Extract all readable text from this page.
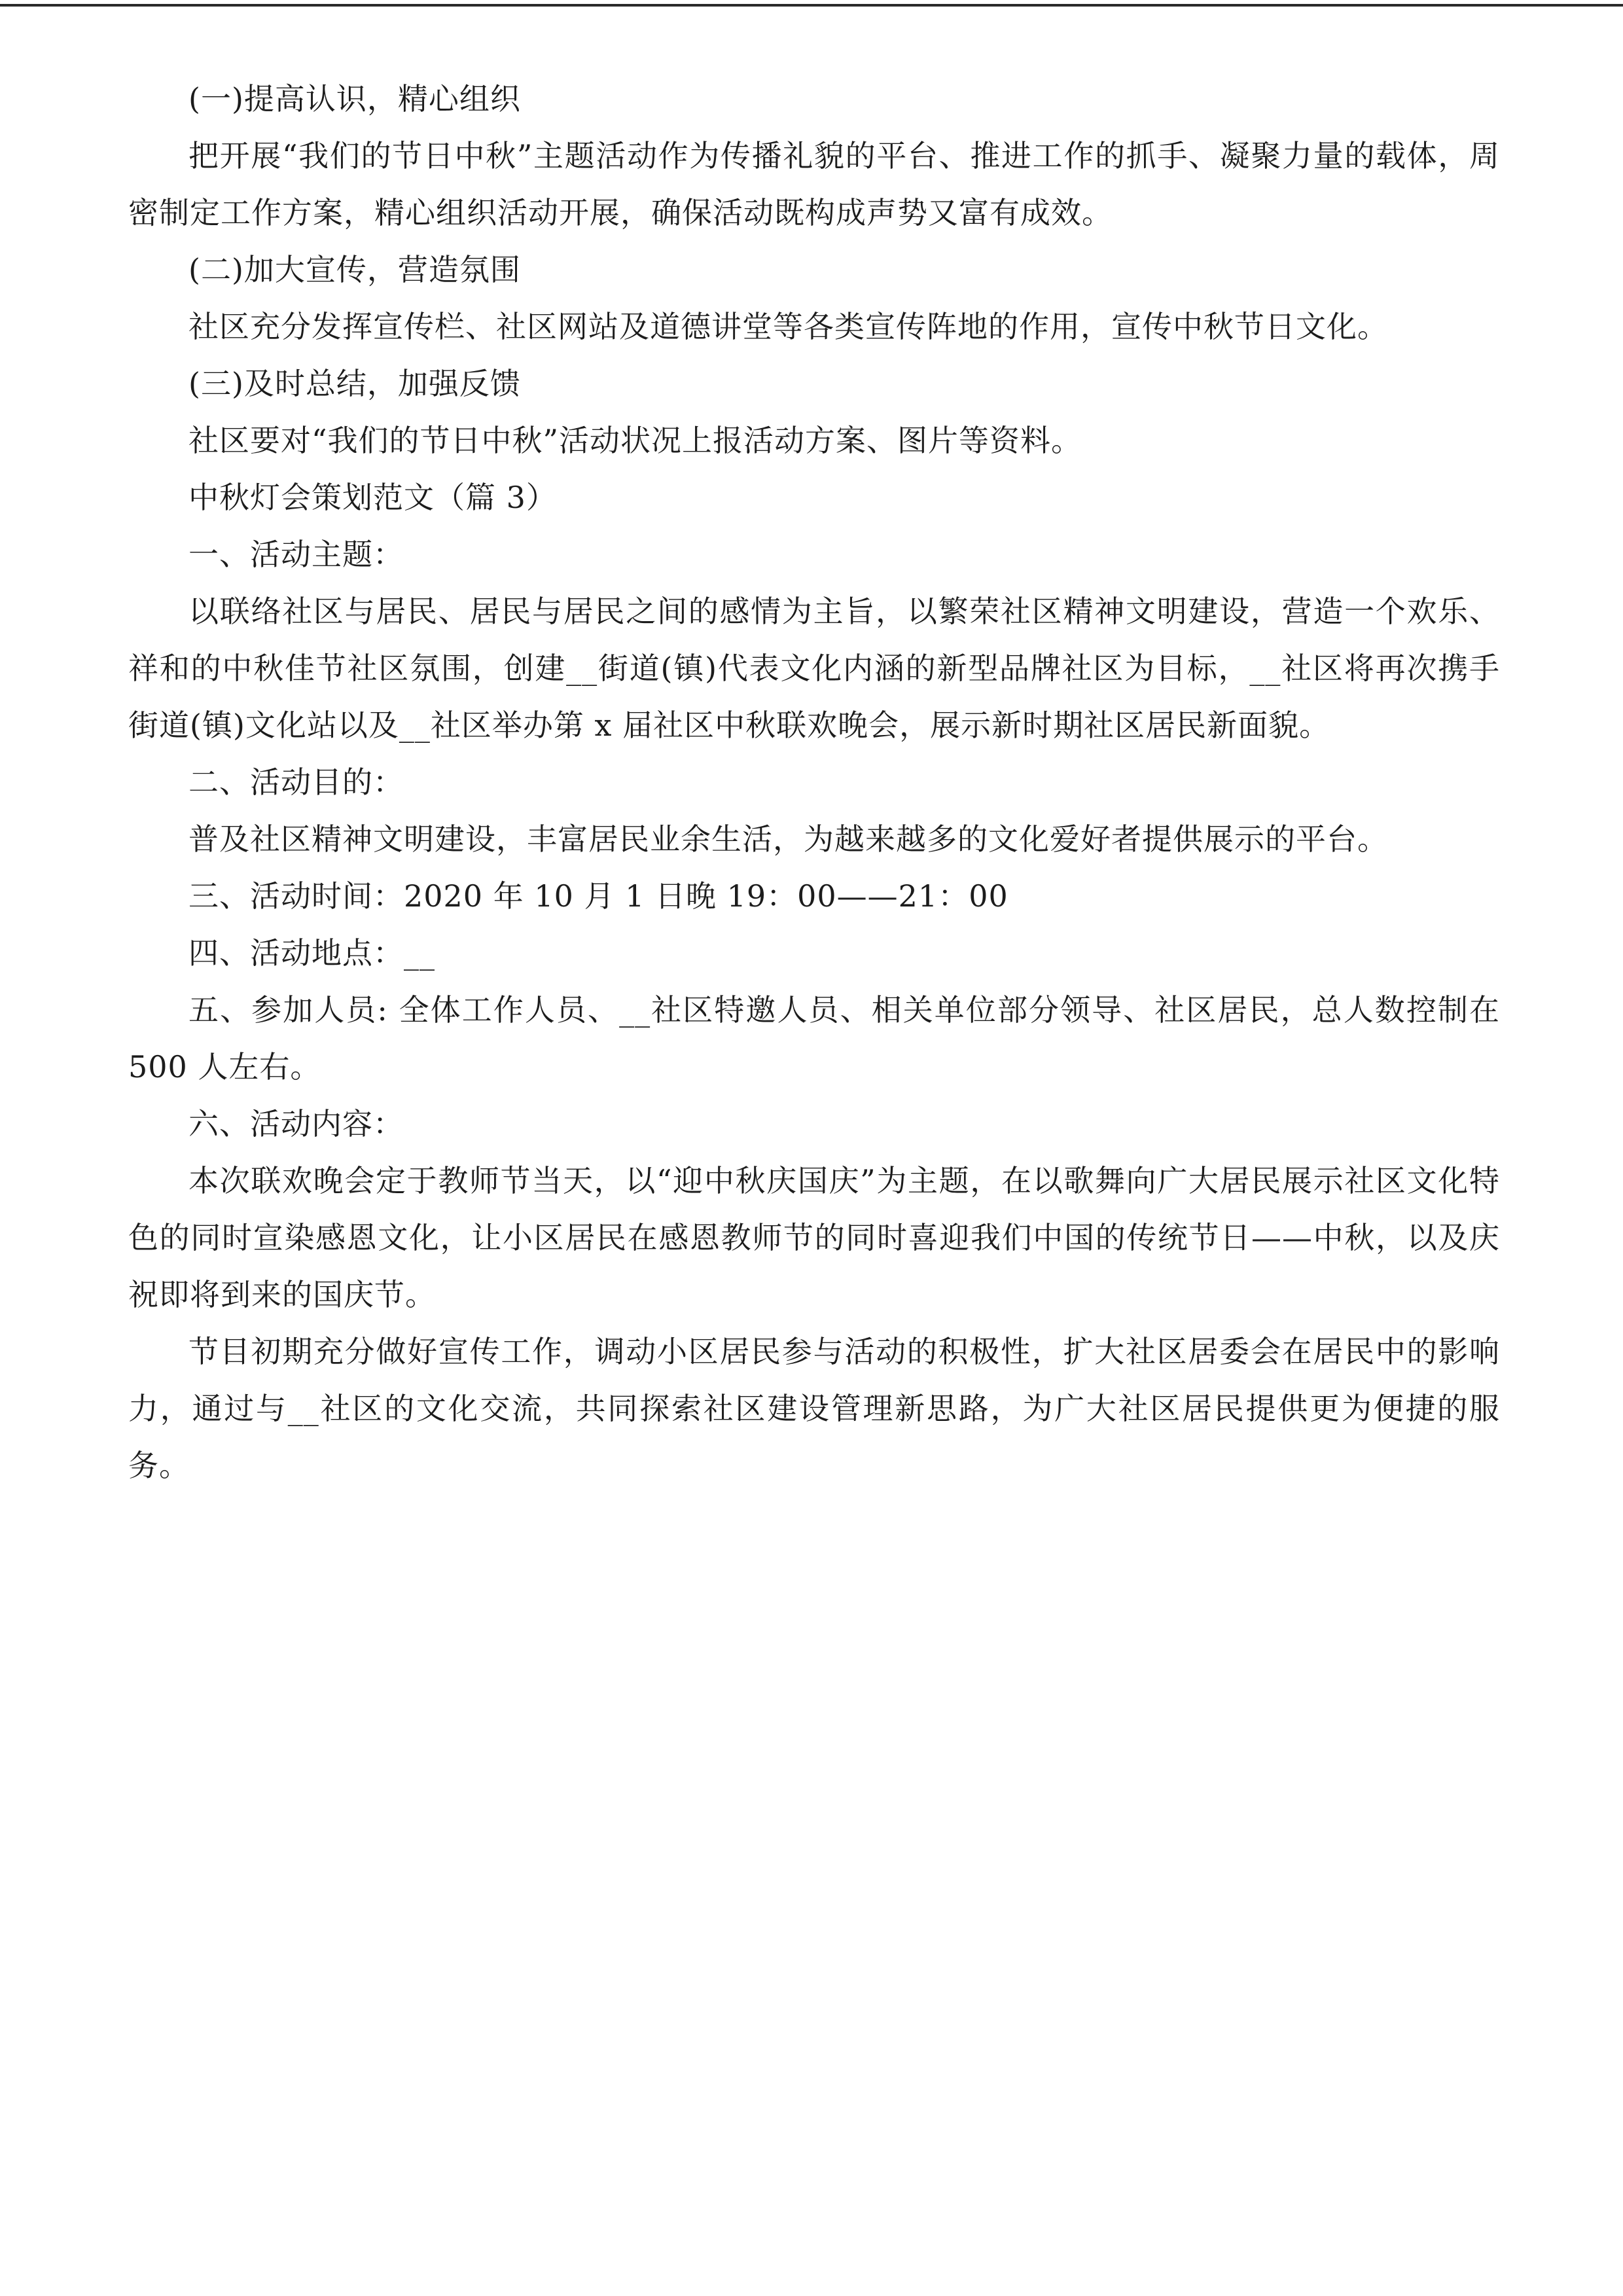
(一)提高认识，精心组织

把开展“我们的节日中秋”主题活动作为传播礼貌的平台、推进工作的抓手、凝聚力量的载体，周密制定工作方案，精心组织活动开展，确保活动既构成声势又富有成效。

(二)加大宣传，营造氛围

社区充分发挥宣传栏、社区网站及道德讲堂等各类宣传阵地的作用，宣传中秋节日文化。

(三)及时总结，加强反馈

社区要对“我们的节日中秋”活动状况上报活动方案、图片等资料。

中秋灯会策划范文（篇 3）

一、活动主题：

以联络社区与居民、居民与居民之间的感情为主旨，以繁荣社区精神文明建设，营造一个欢乐、祥和的中秋佳节社区氛围，创建__街道(镇)代表文化内涵的新型品牌社区为目标，__社区将再次携手街道(镇)文化站以及__社区举办第 x 届社区中秋联欢晚会，展示新时期社区居民新面貌。

二、活动目的：

普及社区精神文明建设，丰富居民业余生活，为越来越多的文化爱好者提供展示的平台。

三、活动时间：2020 年 10 月 1 日晚 19：00——21：00

四、活动地点：__

五、参加人员: 全体工作人员、__社区特邀人员、相关单位部分领导、社区居民，总人数控制在 500 人左右。

六、活动内容：

本次联欢晚会定于教师节当天，以“迎中秋庆国庆”为主题，在以歌舞向广大居民展示社区文化特色的同时宣染感恩文化，让小区居民在感恩教师节的同时喜迎我们中国的传统节日——中秋，以及庆祝即将到来的国庆节。

节目初期充分做好宣传工作，调动小区居民参与活动的积极性，扩大社区居委会在居民中的影响力，通过与__社区的文化交流，共同探索社区建设管理新思路，为广大社区居民提供更为便捷的服务。
